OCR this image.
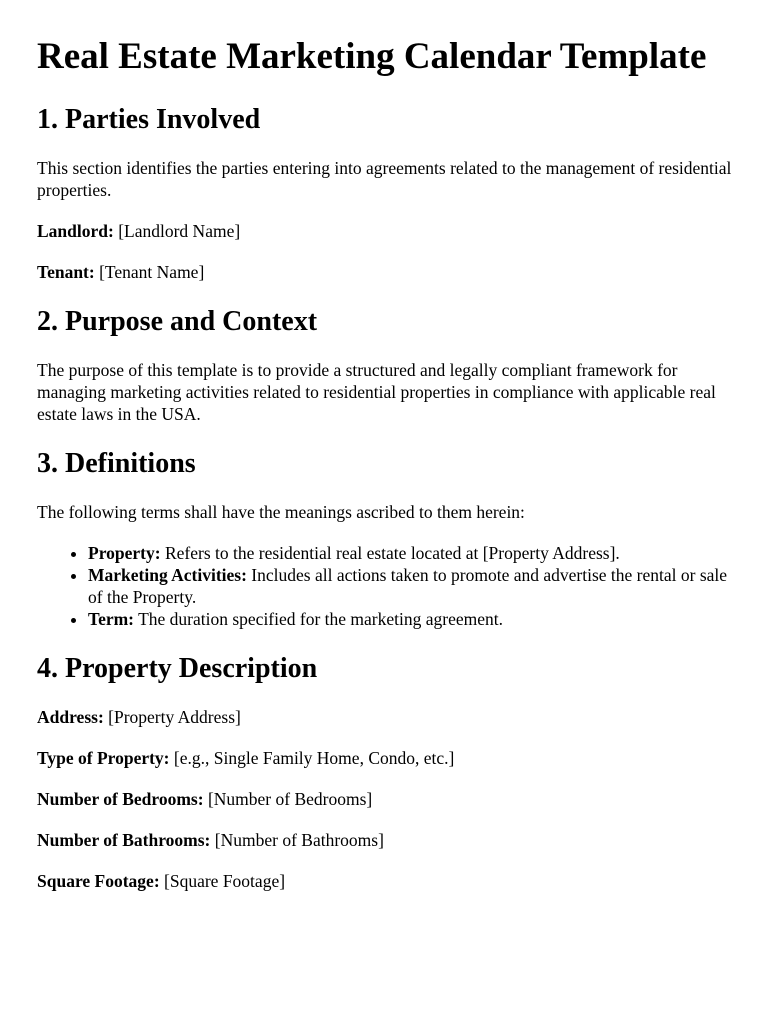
Real Estate Marketing Calendar Template
1. Parties Involved

This section identifies the parties entering into agreements related to the management of residential properties.

Landlord: [Landlord Name]

Tenant: [Tenant Name]

2. Purpose and Context

The purpose of this template is to provide a structured and legally compliant framework for managing marketing activities related to residential properties in compliance with applicable real estate laws in the USA.

3. Definitions

The following terms shall have the meanings ascribed to them herein:

• Property: Refers to the residential real estate located at [Property Address].
• Marketing Activities: Includes all actions taken to promote and advertise the rental or sale of the Property.
• Term: The duration specified for the marketing agreement.
4. Property Description

Address: [Property Address]

Type of Property: [e.g., Single Family Home, Condo, etc.]

Number of Bedrooms: [Number of Bedrooms]

Number of Bathrooms: [Number of Bathrooms]

Square Footage: [Square Footage]
